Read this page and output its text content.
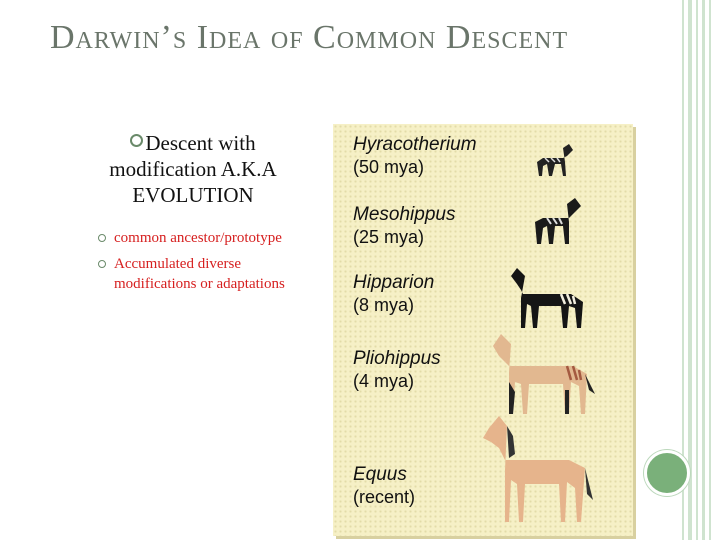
Darwin’s Idea of Common Descent
Descent with modification A.K.A EVOLUTION
common ancestor/prototype
Accumulated diverse modifications or adaptations
Hyracotherium
(50 mya)
Mesohippus
(25 mya)
Hipparion
(8 mya)
Pliohippus
(4 mya)
Equus
(recent)
